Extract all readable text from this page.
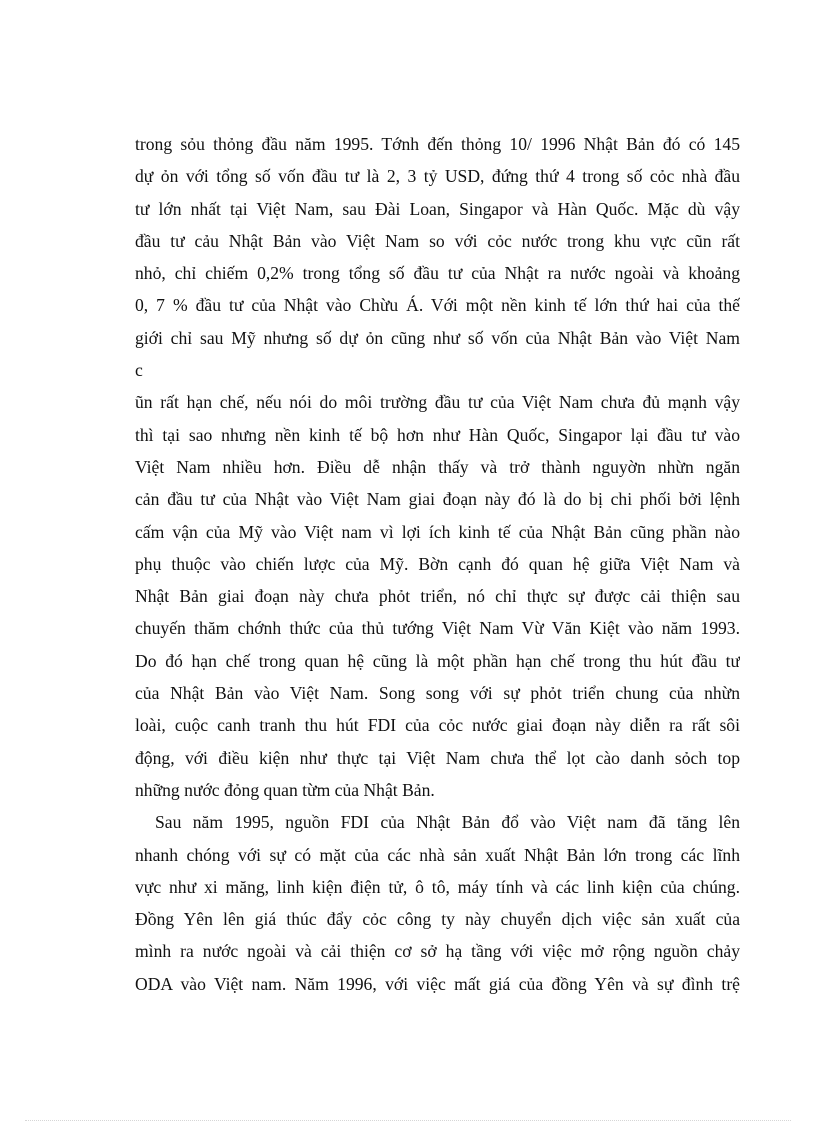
trong sỏu thỏng đầu năm 1995. Tớnh đến thỏng 10/ 1996 Nhật Bản đó có 145
dự ỏn với tổng số vốn đầu tư là 2, 3 tỷ USD, đứng thứ 4 trong số cỏc nhà đầu
tư lớn nhất tại Việt Nam, sau Đài Loan, Singapor và Hàn Quốc. Mặc dù vậy
đầu tư cảu Nhật Bản vào Việt Nam so với cỏc nước trong khu vực cũn rất
nhỏ, chỉ chiếm 0,2% trong tổng số đầu tư của Nhật ra nước ngoài và khoảng
0, 7 % đầu tư của Nhật vào Chừu Á. Với một nền kinh tế lớn thứ hai của thế
giới chỉ sau Mỹ nhưng số dự ỏn cũng như số vốn của Nhật Bản vào Việt Nam
c
ũn rất hạn chế, nếu nói do môi trường đầu tư của Việt Nam chưa đủ mạnh vậy
thì tại sao nhưng nền kinh tế bộ hơn như Hàn Quốc, Singapor lại đầu tư vào
Việt Nam nhiều hơn. Điều dễ nhận thấy và trở thành nguyờn nhừn ngăn
cản đầu tư của Nhật vào Việt Nam giai đoạn này đó là do bị chi phối bởi lệnh
cấm vận của Mỹ vào Việt nam vì lợi ích kinh tế của Nhật Bản cũng phần nào
phụ thuộc vào chiến lược của Mỹ. Bờn cạnh đó quan hệ giữa Việt Nam và
Nhật Bản giai đoạn này chưa phỏt triển, nó chỉ thực sự được cải thiện sau
chuyến thăm chớnh thức của thủ tướng Việt Nam Vừ Văn Kiệt vào năm 1993.
Do đó hạn chế trong quan hệ cũng là một phần hạn chế trong thu hút đầu tư
của Nhật Bản vào Việt Nam. Song song với sự phỏt triển chung của nhừn
loài, cuộc canh tranh thu hút FDI của cỏc nước giai đoạn này diễn ra rất sôi
động, với điều kiện như thực tại Việt Nam chưa thể lọt cào danh sỏch top
những nước đỏng quan từm của Nhật Bản.
Sau năm 1995, nguồn FDI của Nhật Bản đổ vào Việt nam đã tăng lên
nhanh chóng với sự có mặt của các nhà sản xuất Nhật Bản lớn trong các lĩnh
vực như xi măng, linh kiện điện tử, ô tô, máy tính và các linh kiện của chúng.
Đồng Yên lên giá thúc đẩy cỏc công ty này chuyển dịch việc sản xuất của
mình ra nước ngoài và cải thiện cơ sở hạ tầng với việc mở rộng nguồn chảy
ODA vào Việt nam. Năm 1996, với việc mất giá của đồng Yên và sự đình trệ
